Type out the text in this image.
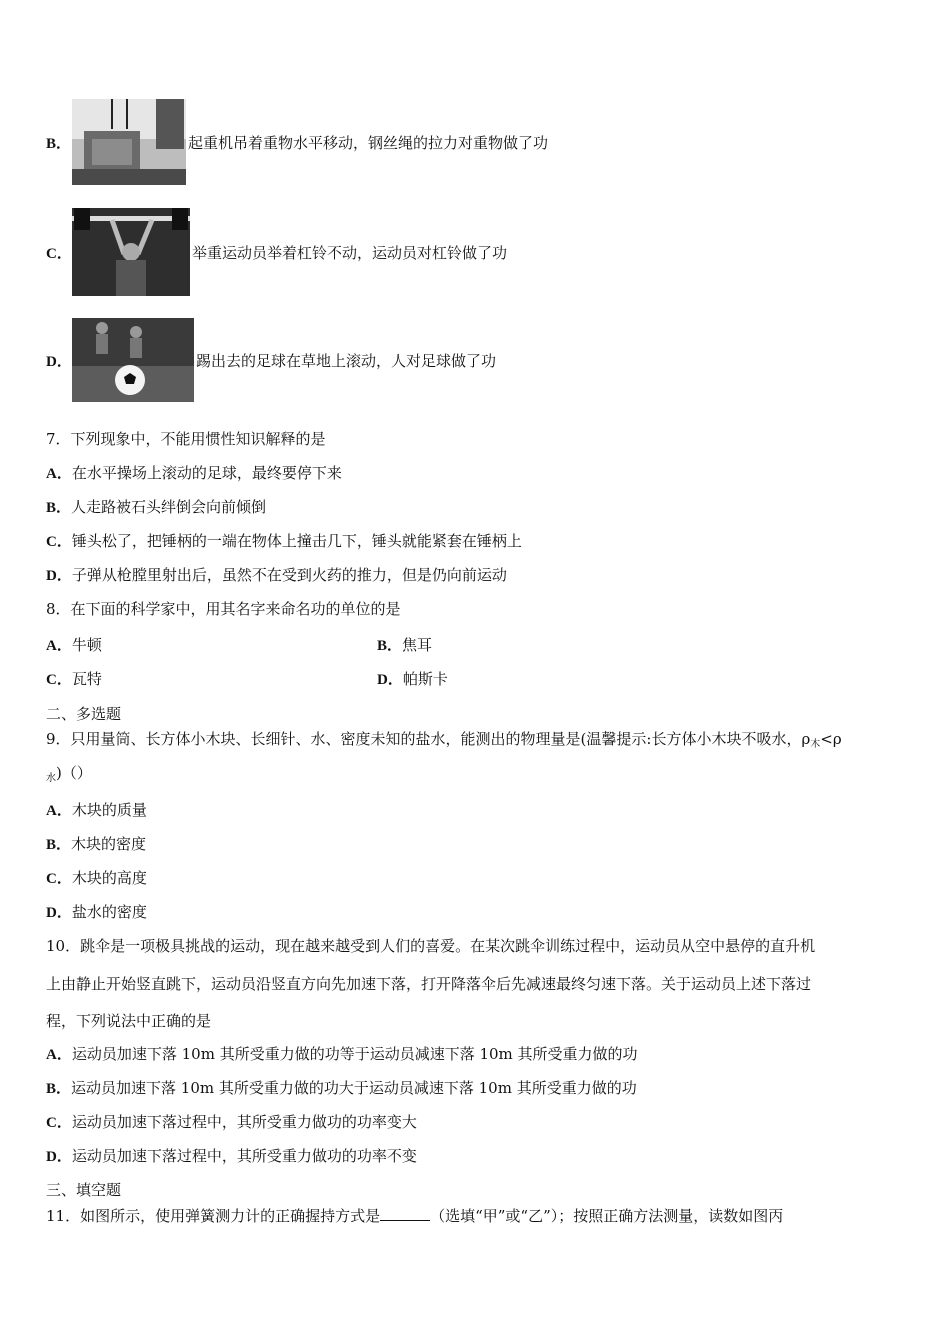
B．	起重机吊着重物水平移动，钢丝绳的拉力对重物做了功
C．	举重运动员举着杠铃不动，运动员对杠铃做了功
D．	踢出去的足球在草地上滚动，人对足球做了功
7．下列现象中，不能用惯性知识解释的是
A．在水平操场上滚动的足球，最终要停下来
B．人走路被石头绊倒会向前倾倒
C．锤头松了，把锤柄的一端在物体上撞击几下，锤头就能紧套在锤柄上
D．子弹从枪膛里射出后，虽然不在受到火药的推力，但是仍向前运动
8．在下面的科学家中，用其名字来命名功的单位的是
A．牛顿	B．焦耳
C．瓦特	D．帕斯卡
二、多选题
9．只用量筒、长方体小木块、长细针、水、密度未知的盐水，能测出的物理量是(温馨提示:长方体小木块不吸水，$\rho_木<\rho$
$_水$)（）
A．木块的质量
B．木块的密度
C．木块的高度
D．盐水的密度
10．跳伞是一项极具挑战的运动，现在越来越受到人们的喜爱。在某次跳伞训练过程中，运动员从空中悬停的直升机
上由静止开始竖直跳下，运动员沿竖直方向先加速下落，打开降落伞后先减速最终匀速下落。关于运动员上述下落过
程，下列说法中正确的是
A．运动员加速下落 10m 其所受重力做的功等于运动员减速下落 10m 其所受重力做的功
B．运动员加速下落 10m 其所受重力做的功大于运动员减速下落 10m 其所受重力做的功
C．运动员加速下落过程中，其所受重力做功的功率变大
D．运动员加速下落过程中，其所受重力做功的功率不变
三、填空题
11．如图所示，使用弹簧测力计的正确握持方式是	（选填“甲”或“乙”）；按照正确方法测量，读数如图丙
